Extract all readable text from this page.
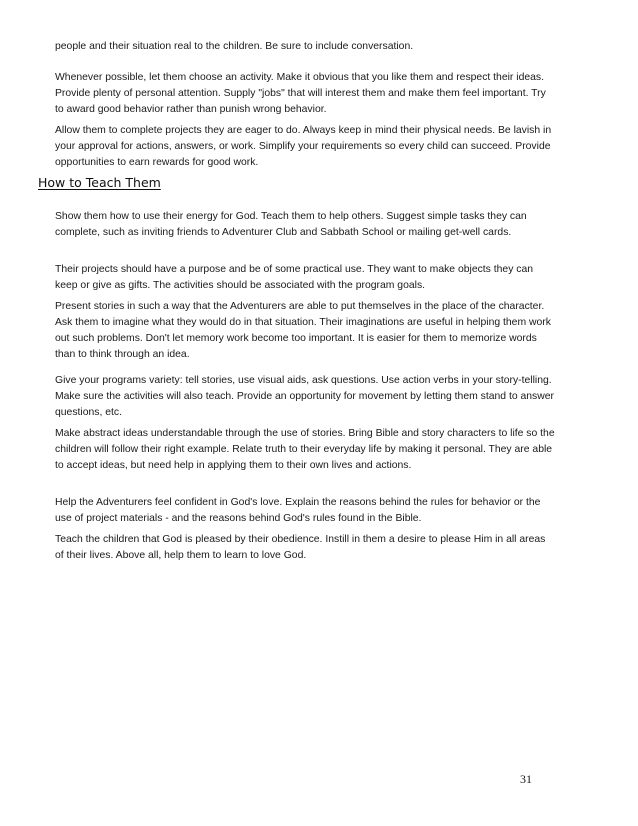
people and their situation real to the children. Be sure to include conversation.

Whenever possible, let them choose an activity. Make it obvious that you like them and respect their ideas. Provide plenty of personal attention. Supply "jobs" that will interest them and make them feel important. Try to award good behavior rather than punish wrong behavior.

Allow them to complete projects they are eager to do. Always keep in mind their physical needs. Be lavish in your approval for actions, answers, or work. Simplify your requirements so every child can succeed. Provide opportunities to earn rewards for good work.

How to Teach Them

Show them how to use their energy for God. Teach them to help others. Suggest simple tasks they can complete, such as inviting friends to Adventurer Club and Sabbath School or mailing get-well cards.

Their projects should have a purpose and be of some practical use. They want to make objects they can keep or give as gifts. The activities should be associated with the program goals.

Present stories in such a way that the Adventurers are able to put themselves in the place of the character. Ask them to imagine what they would do in that situation. Their imaginations are useful in helping them work out such problems. Don't let memory work become too important. It is easier for them to memorize words than to think through an idea.

Give your programs variety: tell stories, use visual aids, ask questions. Use action verbs in your story-telling. Make sure the activities will also teach. Provide an opportunity for movement by letting them stand to answer questions, etc.

Make abstract ideas understandable through the use of stories. Bring Bible and story characters to life so the children will follow their right example. Relate truth to their everyday life by making it personal. They are able to accept ideas, but need help in applying them to their own lives and actions.

Help the Adventurers feel confident in God's love. Explain the reasons behind the rules for behavior or the use of project materials - and the reasons behind God's rules found in the Bible.

Teach the children that God is pleased by their obedience. Instill in them a desire to please Him in all areas of their lives. Above all, help them to learn to love God.

31
